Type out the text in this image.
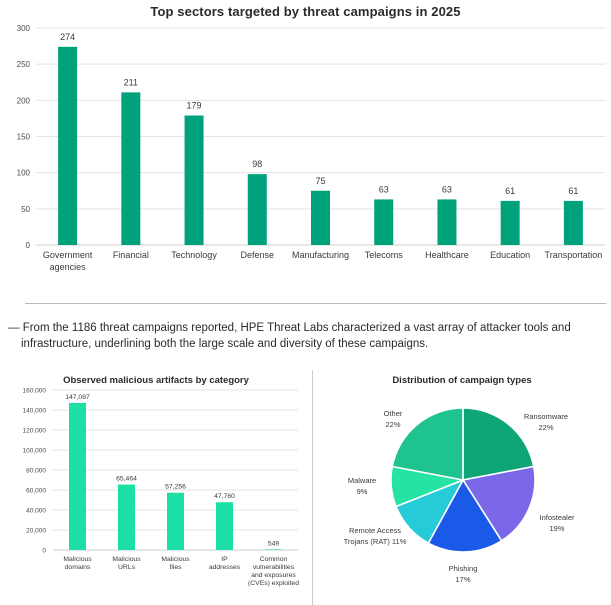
Top sectors targeted by threat campaigns in 2025
0
50
100
150
200
250
300
274
Government
agencies
211
Financial
179
Technology
98
Defense
75
Manufacturing
63
Telecoms
63
Healthcare
61
Education
61
Transportation
— From the 1186 threat campaigns reported, HPE Threat Labs characterized a vast array of attacker tools and infrastructure, underlining both the large scale and diversity of these campaigns.
Observed malicious artifacts by category
0
20,000
40,000
60,000
80,000
100,000
120,000
140,000
160,000
147,087
Malicious
domains
65,464
Malicious
URLs
57,256
Malicious
files
47,760
IP
addresses
549
Common
vulnerabilities
and exposures
(CVEs) exploited
Distribution of campaign types
Ransomware
22%
Infostealer
19%
Phishing
17%
Remote Access
Trojans (RAT) 11%
Malware
9%
Other
22%
